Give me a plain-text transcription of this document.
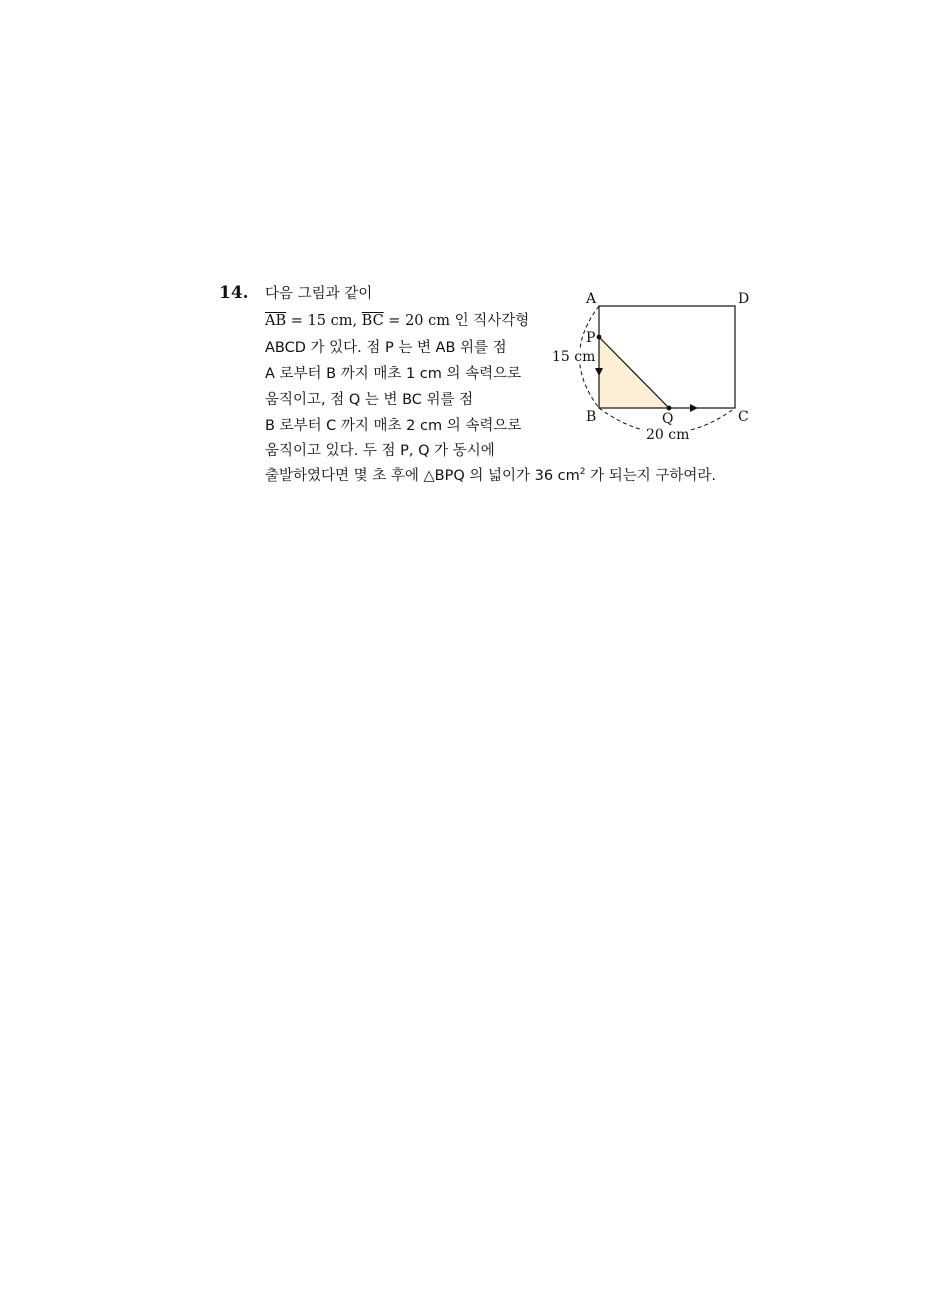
14. 다음 그림과 같이
$\overline{AB} = 15$ cm, $\overline{BC} = 20$ cm 인 직사각형
ABCD 가 있다. 점 P 는 변 AB 위를 점
A 로부터 B 까지 매초 1 cm 의 속력으로
움직이고, 점 Q 는 변 BC 위를 점
B 로부터 C 까지 매초 2 cm 의 속력으로
움직이고 있다. 두 점 P, Q 가 동시에
출발하였다면 몇 초 후에 △BPQ 의 넓이가 36 $cm^2$ 가 되는지 구하여라.
A	D
P
15 cm
B	Q	C
20 cm
